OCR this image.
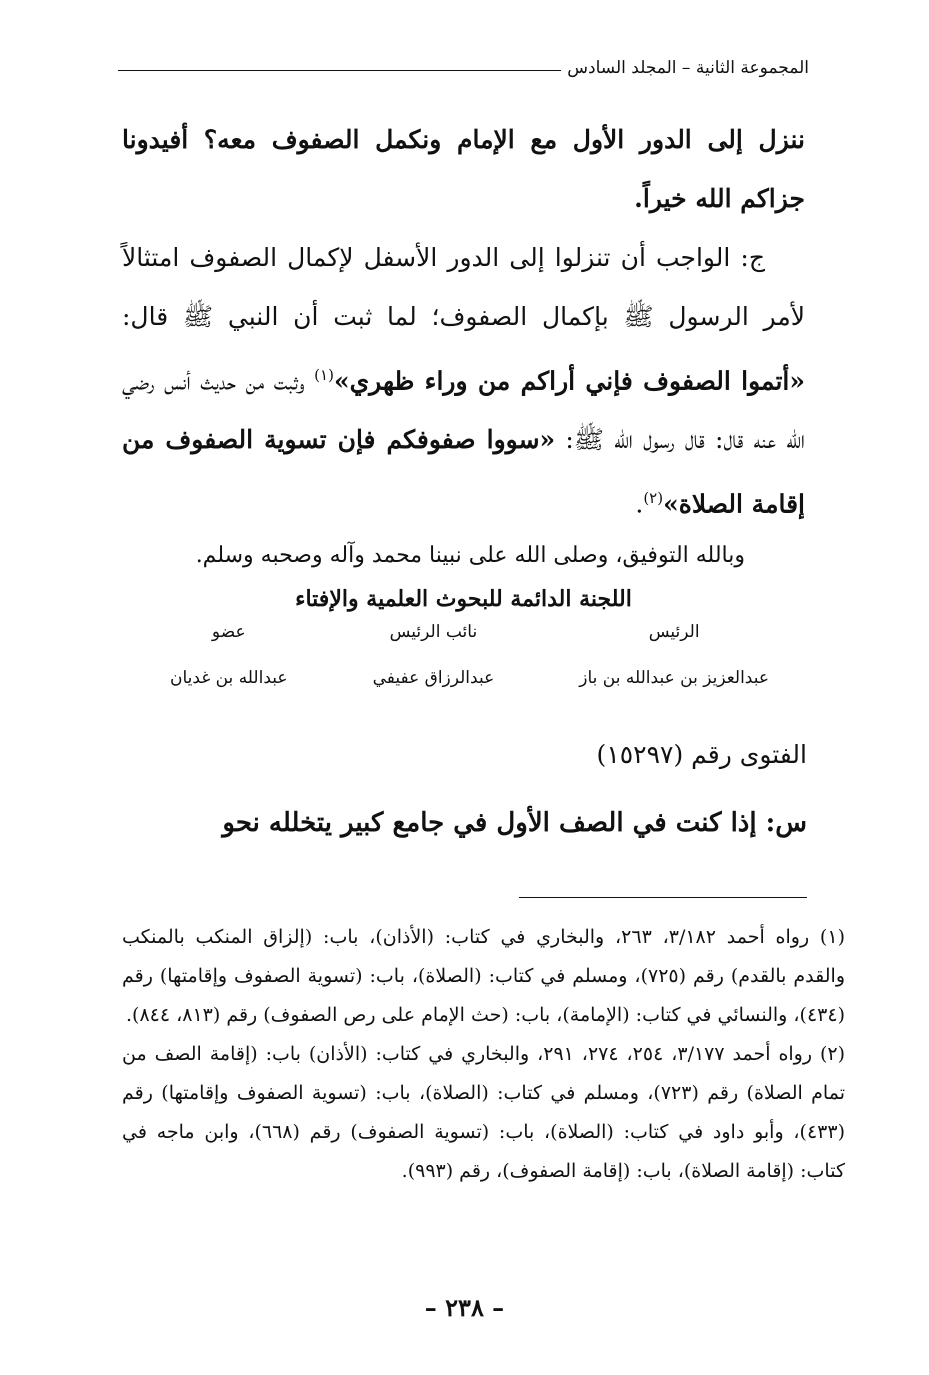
المجموعة الثانية – المجلد السادس

ننزل إلى الدور الأول مع الإمام ونكمل الصفوف معه؟ أفيدونا جزاكم الله خيراً.

ج: الواجب أن تنزلوا إلى الدور الأسفل لإكمال الصفوف امتثالاً لأمر الرسول ﷺ بإكمال الصفوف؛ لما ثبت أن النبي ﷺ قال: «أتموا الصفوف فإني أراكم من وراء ظهري»$^{(١)}$ وثبت من حديث أنس رضي الله عنه قال: قال رسول الله ﷺ: «سووا صفوفكم فإن تسوية الصفوف من إقامة الصلاة»$^{(٢)}$.

وبالله التوفيق، وصلى الله على نبينا محمد وآله وصحبه وسلم.

اللجنة الدائمة للبحوث العلمية والإفتاء

الرئيس
عبدالعزيز بن عبدالله بن باز
نائب الرئيس
عبدالرزاق عفيفي
عضو
عبدالله بن غديان
الفتوى رقم (١٥٢٩٧)
س: إذا كنت في الصف الأول في جامع كبير يتخلله نحو

(١) رواه أحمد ٣/١٨٢، ٢٦٣، والبخاري في كتاب: (الأذان)، باب: (إلزاق المنكب بالمنكب والقدم بالقدم) رقم (٧٢٥)، ومسلم في كتاب: (الصلاة)، باب: (تسوية الصفوف وإقامتها) رقم (٤٣٤)، والنسائي في كتاب: (الإمامة)، باب: (حث الإمام على رص الصفوف) رقم (٨١٣، ٨٤٤).

(٢) رواه أحمد ٣/١٧٧، ٢٥٤، ٢٧٤، ٢٩١، والبخاري في كتاب: (الأذان) باب: (إقامة الصف من تمام الصلاة) رقم (٧٢٣)، ومسلم في كتاب: (الصلاة)، باب: (تسوية الصفوف وإقامتها) رقم (٤٣٣)، وأبو داود في كتاب: (الصلاة)، باب: (تسوية الصفوف) رقم (٦٦٨)، وابن ماجه في كتاب: (إقامة الصلاة)، باب: (إقامة الصفوف)، رقم (٩٩٣).

– ٢٣٨ –
